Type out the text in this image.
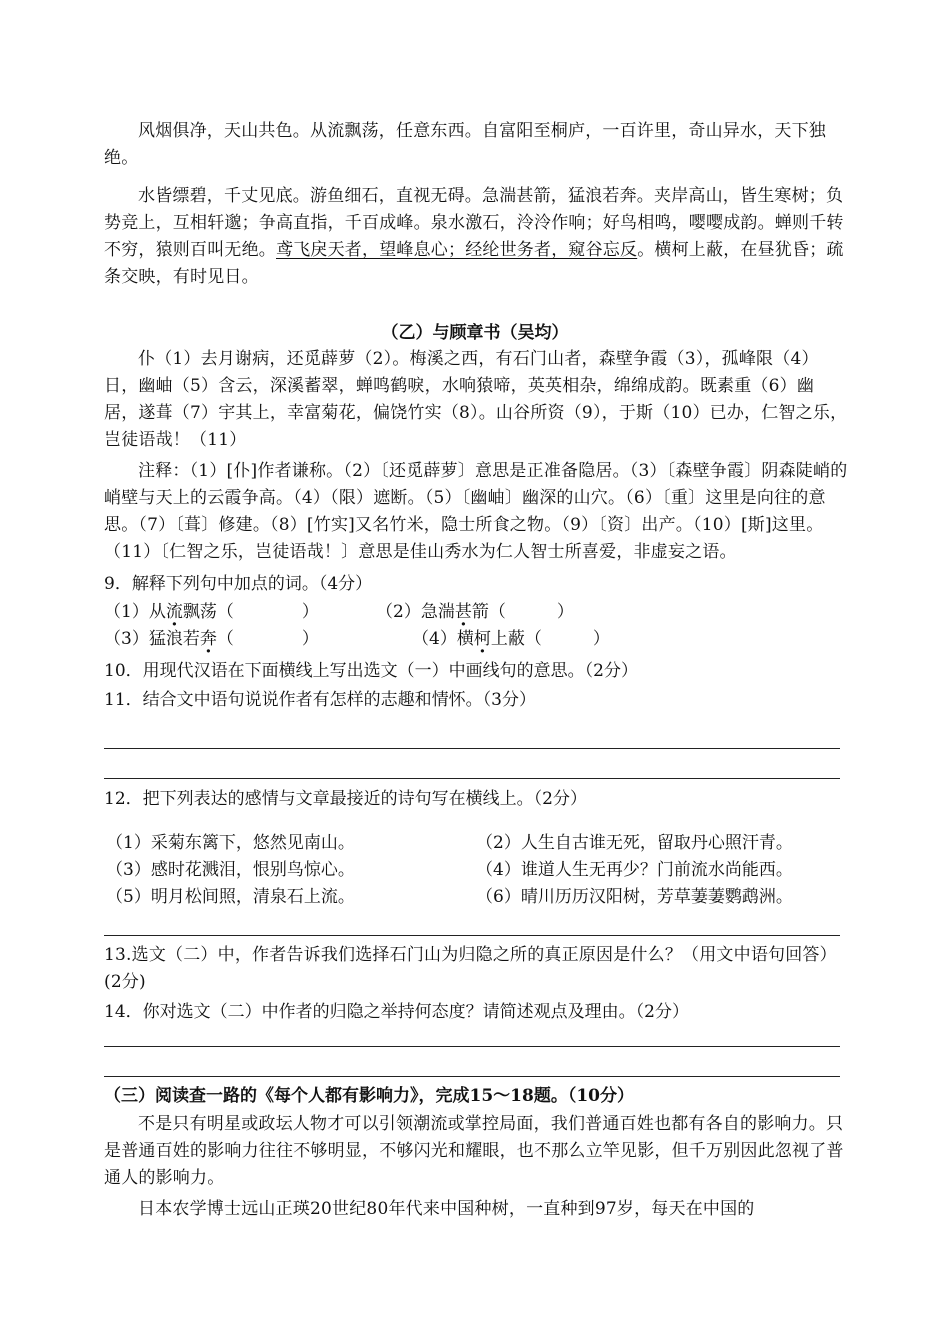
风烟俱净，天山共色。从流飘荡，任意东西。自富阳至桐庐，一百许里，奇山异水，天下独绝。
水皆缥碧，千丈见底。游鱼细石，直视无碍。急湍甚箭，猛浪若奔。夹岸高山，皆生寒树；负势竞上，互相轩邈；争高直指，千百成峰。泉水激石，泠泠作响；好鸟相鸣，嘤嘤成韵。蝉则千转不穷，猿则百叫无绝。鸢飞戾天者，望峰息心；经纶世务者，窥谷忘反。横柯上蔽，在昼犹昏；疏条交映，有时见日。
（乙）与顾章书（吴均）
仆（1）去月谢病，还觅薜萝（2）。梅溪之西，有石门山者，森壁争霞（3），孤峰限（4）日，幽岫（5）含云，深溪蓄翠，蝉鸣鹤唳，水响猿啼，英英相杂，绵绵成韵。既素重（6）幽居，遂葺（7）宇其上，幸富菊花，偏饶竹实（8）。山谷所资（9），于斯（10）已办，仁智之乐，岂徒语哉！（11）
注释：（1）[仆]作者谦称。（2）〔还觅薜萝〕意思是正准备隐居。（3）〔森壁争霞〕阴森陡峭的峭壁与天上的云霞争高。（4）（限）遮断。（5）〔幽岫〕幽深的山穴。（6）〔重〕这里是向往的意思。（7）〔葺〕修建。（8）[竹实]又名竹米，隐士所食之物。（9）〔资〕出产。（10）[斯]这里。（11）〔仁智之乐，岂徒语哉！〕意思是佳山秀水为仁人智士所喜爱，非虚妄之语。
9．解释下列句中加点的词。（4分）
（1）从流飘荡（　　　　）	（2）急湍甚箭（　　　）
（3）猛浪若奔（　　　　）	（4）横柯上蔽（　　　）
10．用现代汉语在下面横线上写出选文（一）中画线句的意思。（2分）
11．结合文中语句说说作者有怎样的志趣和情怀。（3分）
12．把下列表达的感情与文章最接近的诗句写在横线上。（2分）
（1）采菊东篱下，悠然见南山。	（2）人生自古谁无死，留取丹心照汗青。
（3）感时花溅泪，恨别鸟惊心。	（4）谁道人生无再少？门前流水尚能西。
（5）明月松间照，清泉石上流。	（6）晴川历历汉阳树，芳草萋萋鹦鹉洲。
13.选文（二）中，作者告诉我们选择石门山为归隐之所的真正原因是什么？（用文中语句回答）(2分)
14．你对选文（二）中作者的归隐之举持何态度？请简述观点及理由。（2分）
（三）阅读查一路的《每个人都有影响力》，完成15～18题。（10分）
不是只有明星或政坛人物才可以引领潮流或掌控局面，我们普通百姓也都有各自的影响力。只是普通百姓的影响力往往不够明显，不够闪光和耀眼，也不那么立竿见影，但千万别因此忽视了普通人的影响力。
日本农学博士远山正瑛20世纪80年代来中国种树，一直种到97岁，每天在中国的
